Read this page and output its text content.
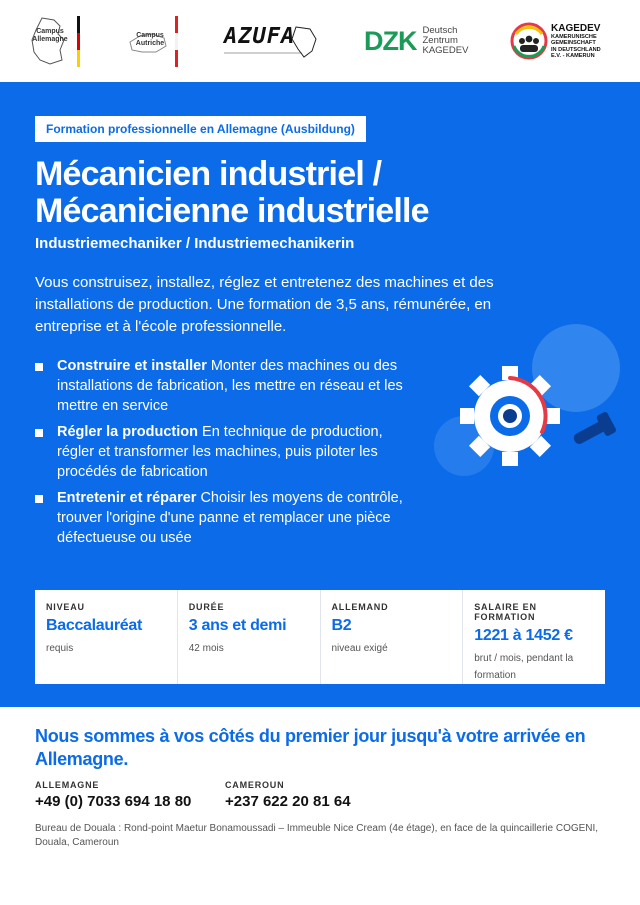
Campus
Allemagne
Campus
Autriche	AZUFA	DZK Deutsch
Zentrum
KAGEDEV
KAGEDEV
KAMERUNISCHE
GEMEINSCHAFT
IN DEUTSCHLAND
E.V. - KAMERUN
Formation professionnelle en Allemagne (Ausbildung)
Mécanicien industriel /
Mécanicienne industrielle
Industriemechaniker / Industriemechanikerin

Vous construisez, installez, réglez et entretenez des machines et des installations de production. Une formation de 3,5 ans, rémunérée, en entreprise et à l'école professionnelle.

Construire et installer Monter des machines ou des installations de fabrication, les mettre en réseau et les mettre en service
Régler la production En technique de production, régler et transformer les machines, puis piloter les procédés de fabrication
Entretenir et réparer Choisir les moyens de contrôle, trouver l'origine d'une panne et remplacer une pièce défectueuse ou usée
NIVEAU
Baccalauréat
requis
DURÉE
3 ans et demi
42 mois
ALLEMAND
B2
niveau exigé
SALAIRE EN FORMATION
1221 à 1452 €
brut / mois, pendant la formation
Nous sommes à vos côtés du premier jour jusqu'à votre arrivée en Allemagne.
ALLEMAGNE
+49 (0) 7033 694 18 80
CAMEROUN
+237 622 20 81 64

Bureau de Douala : Rond-point Maetur Bonamoussadi – Immeuble Nice Cream (4e étage), en face de la quincaillerie COGENI, Douala, Cameroun
